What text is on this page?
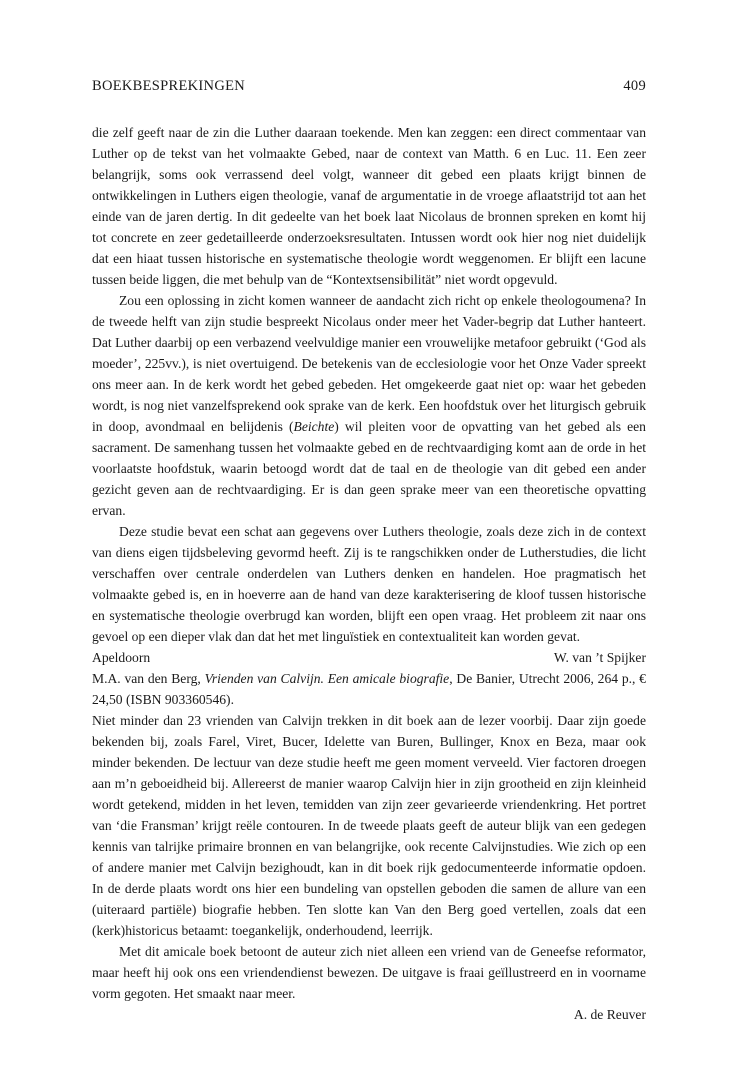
BOEKBESPREKINGEN	409

die zelf geeft naar de zin die Luther daaraan toekende. Men kan zeggen: een direct commentaar van Luther op de tekst van het volmaakte Gebed, naar de context van Matth. 6 en Luc. 11. Een zeer belangrijk, soms ook verrassend deel volgt, wanneer dit gebed een plaats krijgt binnen de ontwikkelingen in Luthers eigen theologie, vanaf de argumentatie in de vroege aflaatstrijd tot aan het einde van de jaren dertig. In dit gedeelte van het boek laat Nicolaus de bronnen spreken en komt hij tot concrete en zeer gedetailleerde onderzoeksresultaten. Intussen wordt ook hier nog niet duidelijk dat een hiaat tussen historische en systematische theologie wordt weggenomen. Er blijft een lacune tussen beide liggen, die met behulp van de “Kontextsensibilität” niet wordt opgevuld.

Zou een oplossing in zicht komen wanneer de aandacht zich richt op enkele theologoumena? In de tweede helft van zijn studie bespreekt Nicolaus onder meer het Vader-begrip dat Luther hanteert. Dat Luther daarbij op een verbazend veelvuldige manier een vrouwelijke metafoor gebruikt (‘God als moeder’, 225vv.), is niet overtuigend. De betekenis van de ecclesiologie voor het Onze Vader spreekt ons meer aan. In de kerk wordt het gebed gebeden. Het omgekeerde gaat niet op: waar het gebeden wordt, is nog niet vanzelfsprekend ook sprake van de kerk. Een hoofdstuk over het liturgisch gebruik in doop, avondmaal en belijdenis (Beichte) wil pleiten voor de opvatting van het gebed als een sacrament. De samenhang tussen het volmaakte gebed en de rechtvaardiging komt aan de orde in het voorlaatste hoofdstuk, waarin betoogd wordt dat de taal en de theologie van dit gebed een ander gezicht geven aan de rechtvaardiging. Er is dan geen sprake meer van een theoretische opvatting ervan.

Deze studie bevat een schat aan gegevens over Luthers theologie, zoals deze zich in de context van diens eigen tijdsbeleving gevormd heeft. Zij is te rangschikken onder de Lutherstudies, die licht verschaffen over centrale onderdelen van Luthers denken en handelen. Hoe pragmatisch het volmaakte gebed is, en in hoeverre aan de hand van deze karakterisering de kloof tussen historische en systematische theologie overbrugd kan worden, blijft een open vraag. Het probleem zit naar ons gevoel op een dieper vlak dan dat het met linguïstiek en contextualiteit kan worden gevat.

Apeldoorn	W. van ’t Spijker

M.A. van den Berg, Vrienden van Calvijn. Een amicale biografie, De Banier, Utrecht 2006, 264 p., € 24,50 (ISBN 903360546).

Niet minder dan 23 vrienden van Calvijn trekken in dit boek aan de lezer voorbij. Daar zijn goede bekenden bij, zoals Farel, Viret, Bucer, Idelette van Buren, Bullinger, Knox en Beza, maar ook minder bekenden. De lectuur van deze studie heeft me geen moment verveeld. Vier factoren droegen aan m’n geboeidheid bij. Allereerst de manier waarop Calvijn hier in zijn grootheid en zijn kleinheid wordt getekend, midden in het leven, temidden van zijn zeer gevarieerde vriendenkring. Het portret van ‘die Fransman’ krijgt reële contouren. In de tweede plaats geeft de auteur blijk van een gedegen kennis van talrijke primaire bronnen en van belangrijke, ook recente Calvijnstudies. Wie zich op een of andere manier met Calvijn bezighoudt, kan in dit boek rijk gedocumenteerde informatie opdoen. In de derde plaats wordt ons hier een bundeling van opstellen geboden die samen de allure van een (uiteraard partiële) biografie hebben. Ten slotte kan Van den Berg goed vertellen, zoals dat een (kerk)historicus betaamt: toegankelijk, onderhoudend, leerrijk.

Met dit amicale boek betoont de auteur zich niet alleen een vriend van de Geneefse reformator, maar heeft hij ook ons een vriendendienst bewezen. De uitgave is fraai geïllustreerd en in voorname vorm gegoten. Het smaakt naar meer.

A. de Reuver
